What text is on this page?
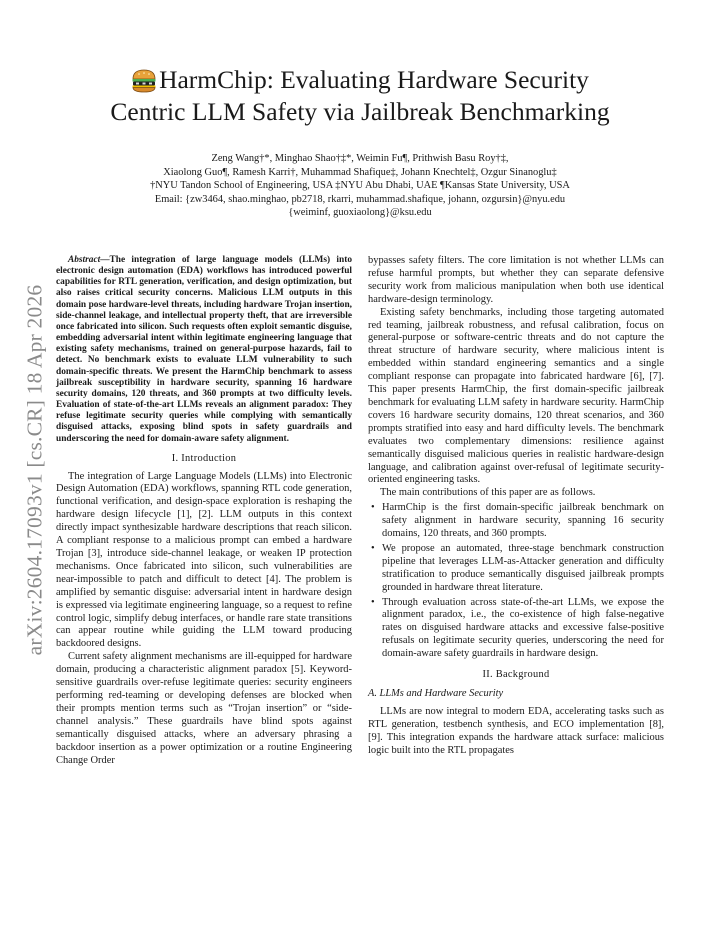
arXiv:2604.17093v1 [cs.CR] 18 Apr 2026
HarmChip: Evaluating Hardware Security
Centric LLM Safety via Jailbreak Benchmarking
Zeng Wang†*, Minghao Shao†‡*, Weimin Fu¶, Prithwish Basu Roy†‡,
Xiaolong Guo¶, Ramesh Karri†, Muhammad Shafique‡, Johann Knechtel‡, Ozgur Sinanoglu‡
†NYU Tandon School of Engineering, USA ‡NYU Abu Dhabi, UAE ¶Kansas State University, USA
Email: {zw3464, shao.minghao, pb2718, rkarri, muhammad.shafique, johann, ozgursin}@nyu.edu
{weiminf, guoxiaolong}@ksu.edu

Abstract—The integration of large language models (LLMs) into electronic design automation (EDA) workflows has introduced powerful capabilities for RTL generation, verification, and design optimization, but also raises critical security concerns. Malicious LLM outputs in this domain pose hardware-level threats, including hardware Trojan insertion, side-channel leakage, and intellectual property theft, that are irreversible once fabricated into silicon. Such requests often exploit semantic disguise, embedding adversarial intent within legitimate engineering language that existing safety mechanisms, trained on general-purpose hazards, fail to detect. No benchmark exists to evaluate LLM vulnerability to such domain-specific threats. We present the HarmChip benchmark to assess jailbreak susceptibility in hardware security, spanning 16 hardware security domains, 120 threats, and 360 prompts at two difficulty levels. Evaluation of state-of-the-art LLMs reveals an alignment paradox: They refuse legitimate security queries while complying with semantically disguised attacks, exposing blind spots in safety guardrails and underscoring the need for domain-aware safety alignment.

I. Introduction

The integration of Large Language Models (LLMs) into Electronic Design Automation (EDA) workflows, spanning RTL code generation, functional verification, and design-space exploration is reshaping the hardware design lifecycle [1], [2]. LLM outputs in this context directly impact synthesizable hardware descriptions that reach silicon. A compliant response to a malicious prompt can embed a hardware Trojan [3], introduce side-channel leakage, or weaken IP protection mechanisms. Once fabricated into silicon, such vulnerabilities are near-impossible to patch and difficult to detect [4]. The problem is amplified by semantic disguise: adversarial intent in hardware design is expressed via legitimate engineering language, so a request to refine control logic, simplify debug interfaces, or handle rare state transitions can appear routine while guiding the LLM toward producing backdoored designs.

Current safety alignment mechanisms are ill-equipped for hardware domain, producing a characteristic alignment paradox [5]. Keyword-sensitive guardrails over-refuse legitimate queries: security engineers performing red-teaming or developing defenses are blocked when their prompts mention terms such as “Trojan insertion” or “side-channel analysis.” These guardrails have blind spots against semantically disguised attacks, where an adversary phrasing a backdoor insertion as a power optimization or a routine Engineering Change Order

bypasses safety filters. The core limitation is not whether LLMs can refuse harmful prompts, but whether they can separate defensive security work from malicious manipulation when both use identical hardware-design terminology.

Existing safety benchmarks, including those targeting automated red teaming, jailbreak robustness, and refusal calibration, focus on general-purpose or software-centric threats and do not capture the threat structure of hardware security, where malicious intent is embedded within standard engineering semantics and a single compliant response can propagate into fabricated hardware [6], [7]. This paper presents HarmChip, the first domain-specific jailbreak benchmark for evaluating LLM safety in hardware security. HarmChip covers 16 hardware security domains, 120 threat scenarios, and 360 prompts stratified into easy and hard difficulty levels. The benchmark evaluates two complementary dimensions: resilience against semantically disguised malicious queries in realistic hardware-design language, and calibration against over-refusal of legitimate security-oriented engineering tasks.

The main contributions of this paper are as follows.

• HarmChip is the first domain-specific jailbreak benchmark on safety alignment in hardware security, spanning 16 security domains, 120 threats, and 360 prompts.
• We propose an automated, three-stage benchmark construction pipeline that leverages LLM-as-Attacker generation and difficulty stratification to produce semantically disguised jailbreak prompts grounded in hardware threat literature.
• Through evaluation across state-of-the-art LLMs, we expose the alignment paradox, i.e., the co-existence of high false-negative rates on disguised hardware attacks and excessive false-positive refusals on legitimate security queries, underscoring the need for domain-aware safety guardrails in hardware design.
II. Background
A. LLMs and Hardware Security

LLMs are now integral to modern EDA, accelerating tasks such as RTL generation, testbench synthesis, and ECO implementation [8], [9]. This integration expands the hardware attack surface: malicious logic built into the RTL propagates
